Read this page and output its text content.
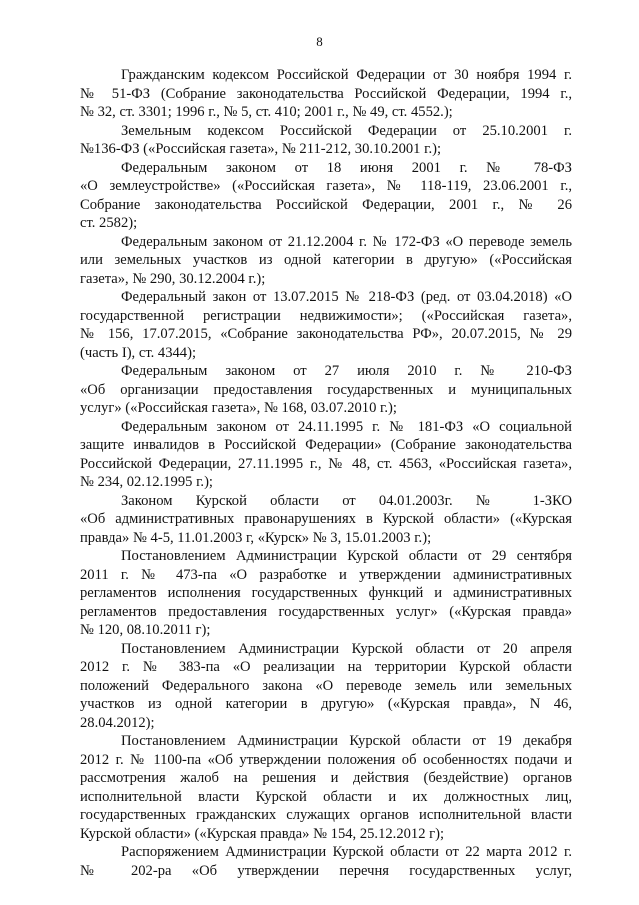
8
Гражданским кодексом Российской Федерации от 30 ноября 1994 г.
№ 51-ФЗ (Собрание законодательства Российской Федерации, 1994 г.,
№ 32, ст. 3301; 1996 г., № 5, ст. 410; 2001 г., № 49, ст. 4552.);
Земельным кодексом Российской Федерации от 25.10.2001 г.
№136-ФЗ («Российская газета», № 211-212, 30.10.2001 г.);
Федеральным законом от 18 июня 2001 г. № 78-ФЗ
«О землеустройстве» («Российская газета», № 118-119, 23.06.2001 г.,
Собрание законодательства Российской Федерации, 2001 г., № 26
ст. 2582);
Федеральным законом от 21.12.2004 г. № 172-ФЗ «О переводе земель
или земельных участков из одной категории в другую» («Российская
газета», № 290, 30.12.2004 г.);
Федеральный закон от 13.07.2015 № 218-ФЗ (ред. от 03.04.2018) «О
государственной регистрации недвижимости»; («Российская газета»,
№ 156, 17.07.2015, «Собрание законодательства РФ», 20.07.2015, № 29
(часть I), ст. 4344);
Федеральным законом от 27 июля 2010 г. № 210-ФЗ
«Об организации предоставления государственных и муниципальных
услуг» («Российская газета», № 168, 03.07.2010 г.);
Федеральным законом от 24.11.1995 г. № 181-ФЗ «О социальной
защите инвалидов в Российской Федерации» (Собрание законодательства
Российской Федерации, 27.11.1995 г., № 48, ст. 4563, «Российская газета»,
№ 234, 02.12.1995 г.);
Законом Курской области от 04.01.2003г. № 1-ЗКО
«Об административных правонарушениях в Курской области» («Курская
правда» № 4-5, 11.01.2003 г, «Курск» № 3, 15.01.2003 г.);
Постановлением Администрации Курской области от 29 сентября
2011 г. № 473-па «О разработке и утверждении административных
регламентов исполнения государственных функций и административных
регламентов предоставления государственных услуг» («Курская правда»
№ 120, 08.10.2011 г);
Постановлением Администрации Курской области от 20 апреля
2012 г. № 383-па «О реализации на территории Курской области
положений Федерального закона «О переводе земель или земельных
участков из одной категории в другую» («Курская правда», N 46,
28.04.2012);
Постановлением Администрации Курской области от 19 декабря
2012 г. № 1100-па «Об утверждении положения об особенностях подачи и
рассмотрения жалоб на решения и действия (бездействие) органов
исполнительной власти Курской области и их должностных лиц,
государственных гражданских служащих органов исполнительной власти
Курской области» («Курская правда» № 154, 25.12.2012 г);
Распоряжением Администрации Курской области от 22 марта 2012 г.
№ 202-ра «Об утверждении перечня государственных услуг,
